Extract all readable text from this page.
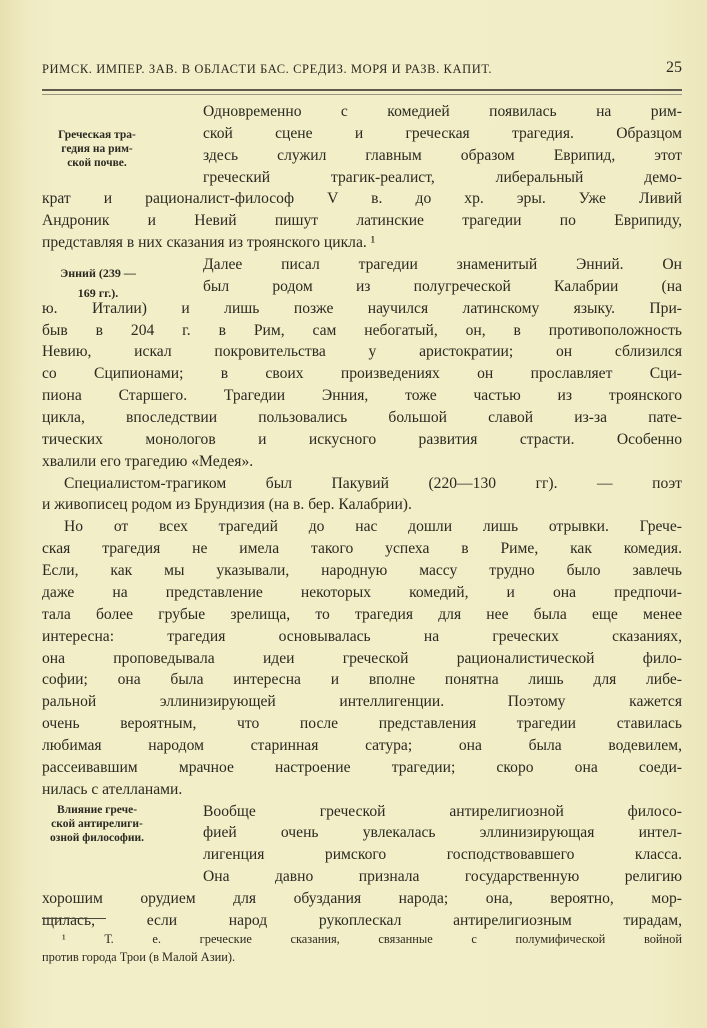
РИМСК. ИМПЕР. ЗАВ. В ОБЛАСТИ БАС. СРЕДИЗ. МОРЯ И РАЗВ. КАПИТ.	25
Греческая тра-
гедия на рим-
ской почве.
Энний (239 —
169 гг.).
Влияние грече-
ской антирелиги-
озной философии.
Одновременно с комедией появилась на рим-
ской сцене и греческая трагедия. Образцом
здесь служил главным образом Еврипид, этот
греческий трагик-реалист, либеральный демо-
крат и рационалист-философ V в. до хр. эры. Уже Ливий
Андроник и Невий пишут латинские трагедии по Еврипиду,
представляя в них сказания из троянского цикла. ¹
Далее писал трагедии знаменитый Энний. Он
был родом из полугреческой Калабрии (на
ю. Италии) и лишь позже научился латинскому языку. При-
быв в 204 г. в Рим, сам небогатый, он, в противоположность
Невию, искал покровительства у аристократии; он сблизился
со Сципионами; в своих произведениях он прославляет Сци-
пиона Старшего. Трагедии Энния, тоже частью из троянского
цикла, впоследствии пользовались большой славой из-за пате-
тических монологов и искусного развития страсти. Особенно
хвалили его трагедию «Медея».
Специалистом-трагиком был Пакувий (220—130 гг). — поэт
и живописец родом из Брундизия (на в. бер. Калабрии).
Но от всех трагедий до нас дошли лишь отрывки. Грече-
ская трагедия не имела такого успеха в Риме, как комедия.
Если, как мы указывали, народную массу трудно было завлечь
даже на представление некоторых комедий, и она предпочи-
тала более грубые зрелища, то трагедия для нее была еще менее
интересна: трагедия основывалась на греческих сказаниях,
она проповедывала идеи греческой рационалистической фило-
софии; она была интересна и вполне понятна лишь для либе-
ральной эллинизирующей интеллигенции. Поэтому кажется
очень вероятным, что после представления трагедии ставилась
любимая народом старинная сатура; она была водевилем,
рассеивавшим мрачное настроение трагедии; скоро она соеди-
нилась с ателланами.
Вообще греческой антирелигиозной филосо-
фией очень увлекалась эллинизирующая интел-
лигенция римского господствовавшего класса.
Она давно признала государственную религию
хорошим орудием для обуздания народа; она, вероятно, мор-
щилась, если народ рукоплескал антирелигиозным тирадам,
¹ Т. е. греческие сказания, связанные с полумифической войной
против города Трои (в Малой Азии).
